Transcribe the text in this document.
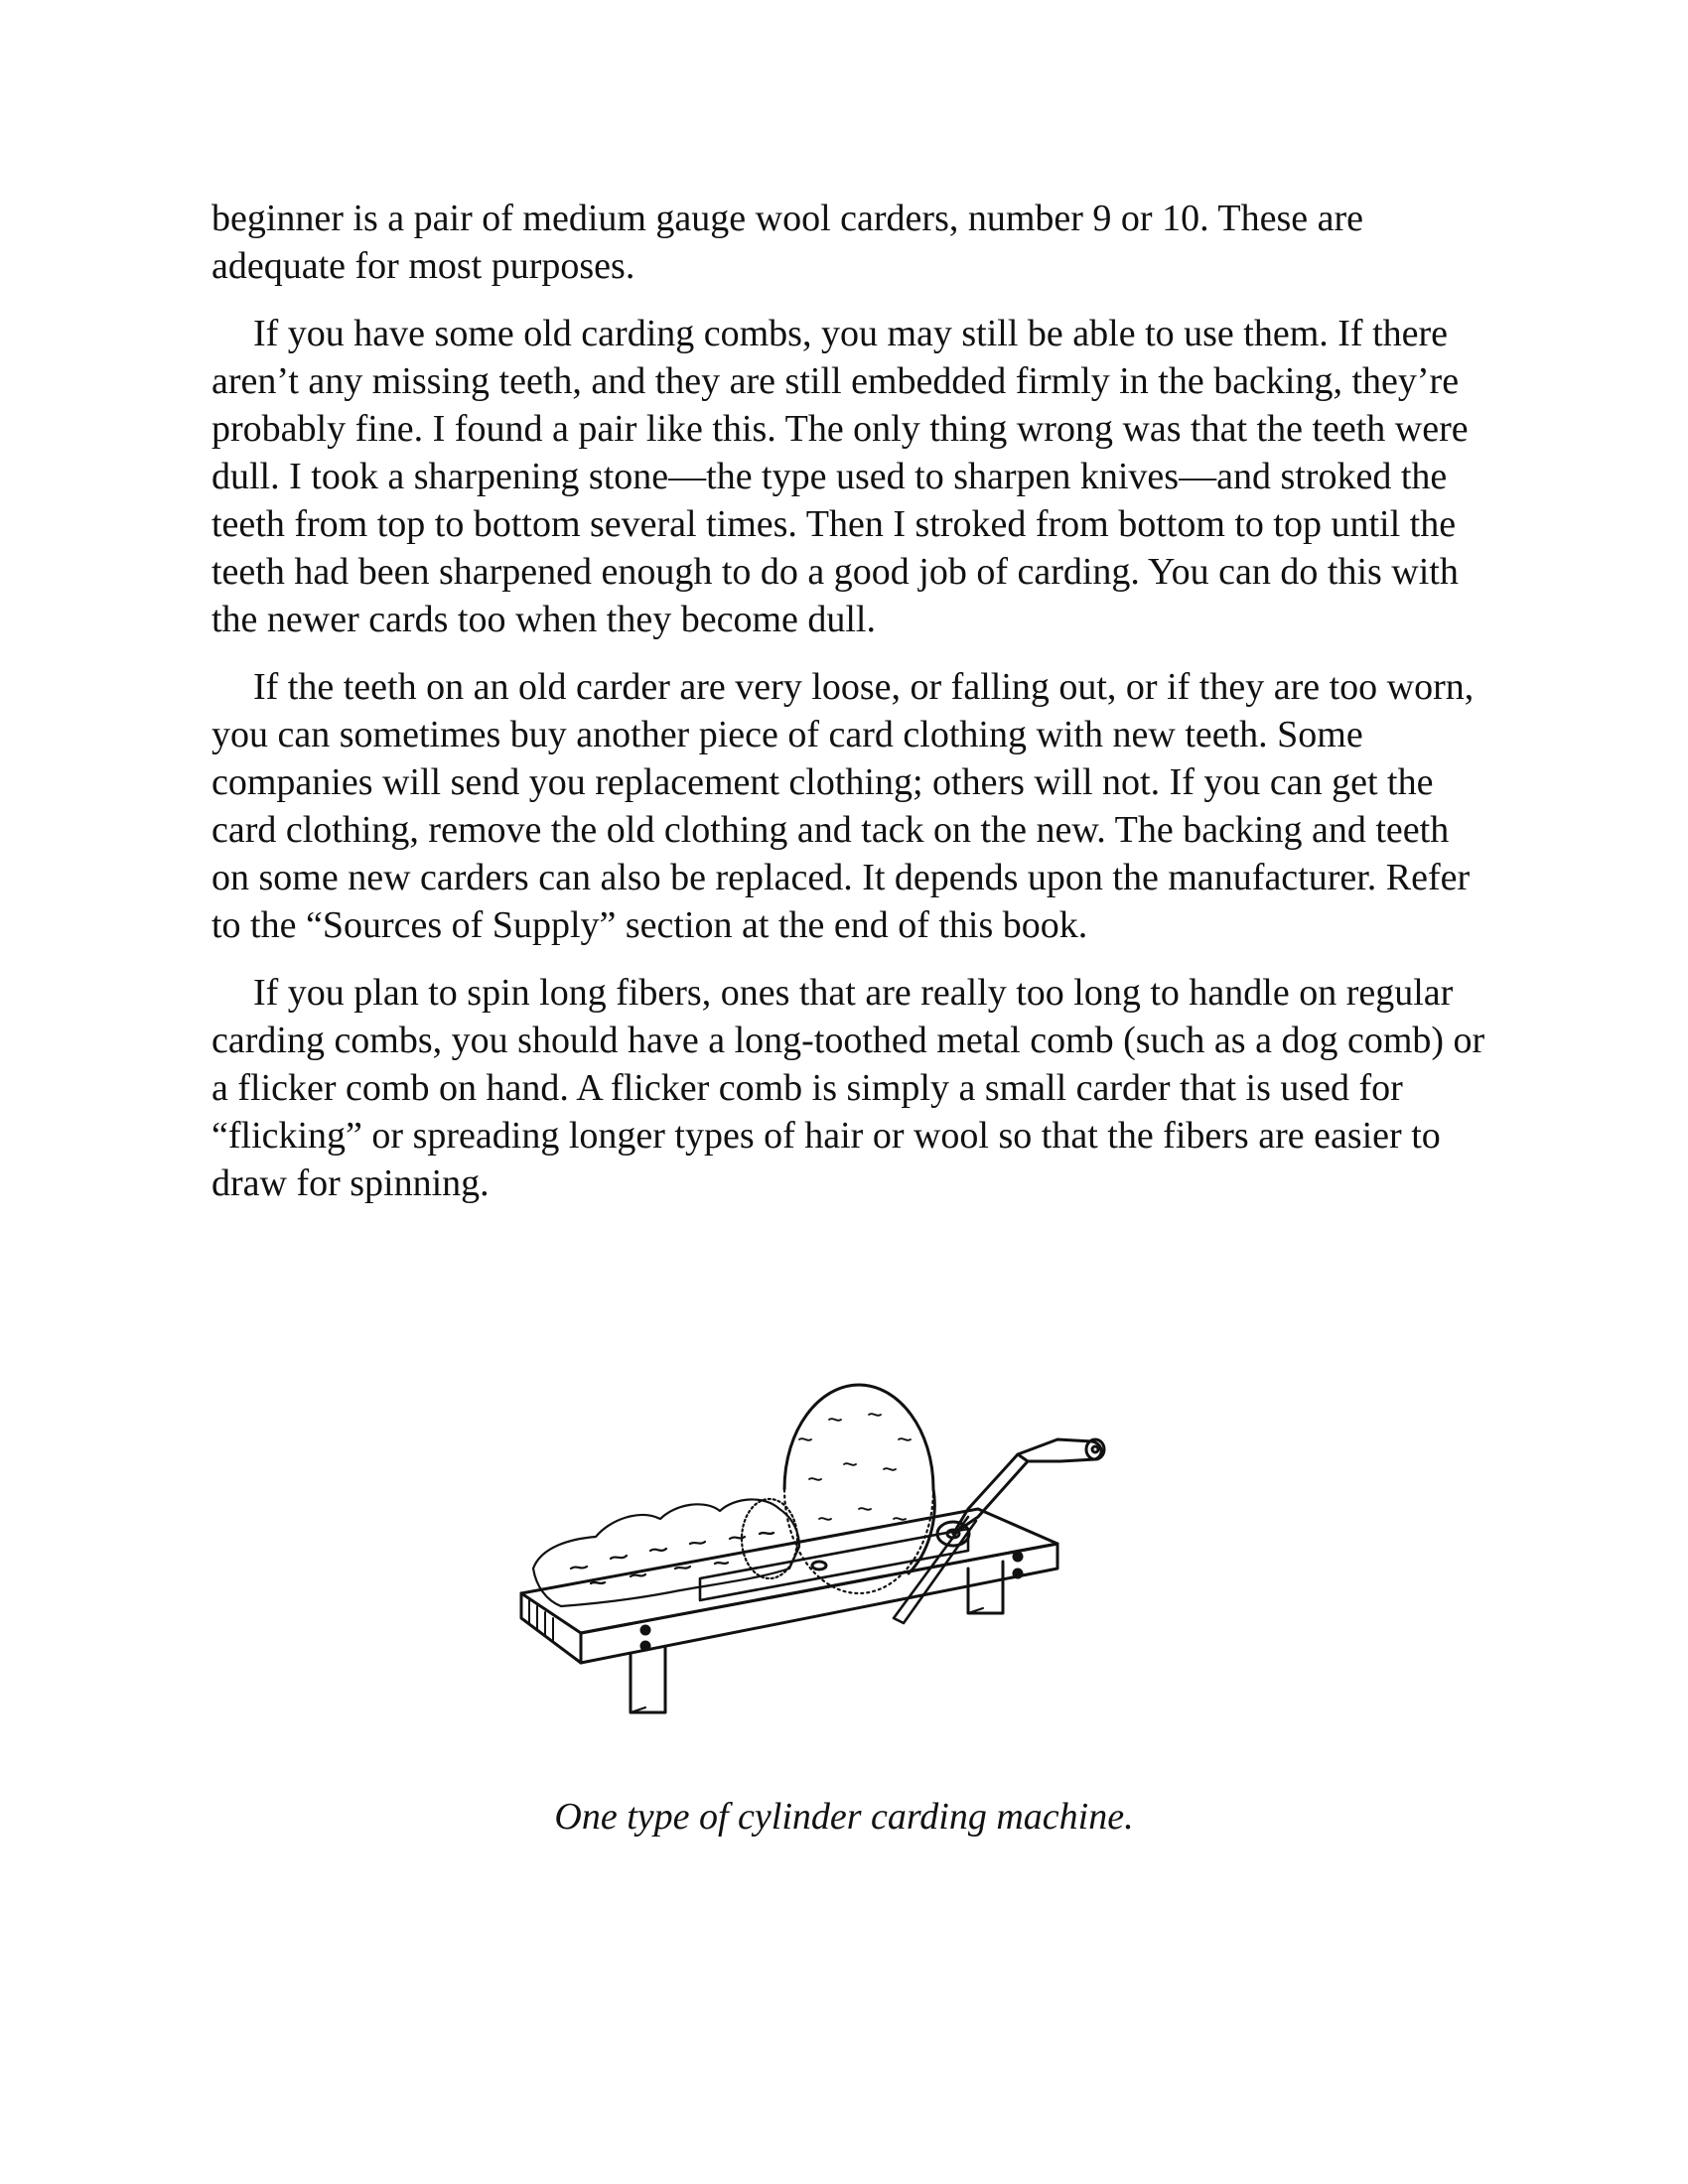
beginner is a pair of medium gauge wool carders, number 9 or 10. These are adequate for most purposes.

If you have some old carding combs, you may still be able to use them. If there aren’t any missing teeth, and they are still embedded firmly in the backing, they’re probably fine. I found a pair like this. The only thing wrong was that the teeth were dull. I took a sharpening stone—the type used to sharpen knives—and stroked the teeth from top to bottom several times. Then I stroked from bottom to top until the teeth had been sharpened enough to do a good job of carding. You can do this with the newer cards too when they become dull.

If the teeth on an old carder are very loose, or falling out, or if they are too worn, you can sometimes buy another piece of card clothing with new teeth. Some companies will send you replacement clothing; others will not. If you can get the card clothing, remove the old clothing and tack on the new. The backing and teeth on some new carders can also be replaced. It depends upon the manufacturer. Refer to the “Sources of Supply” section at the end of this book.

If you plan to spin long fibers, ones that are really too long to handle on regular carding combs, you should have a long-toothed metal comb (such as a dog comb) or a flicker comb on hand. A flicker comb is simply a small carder that is used for “flicking” or spreading longer types of hair or wool so that the fibers are easier to draw for spinning.

One type of cylinder carding machine.
